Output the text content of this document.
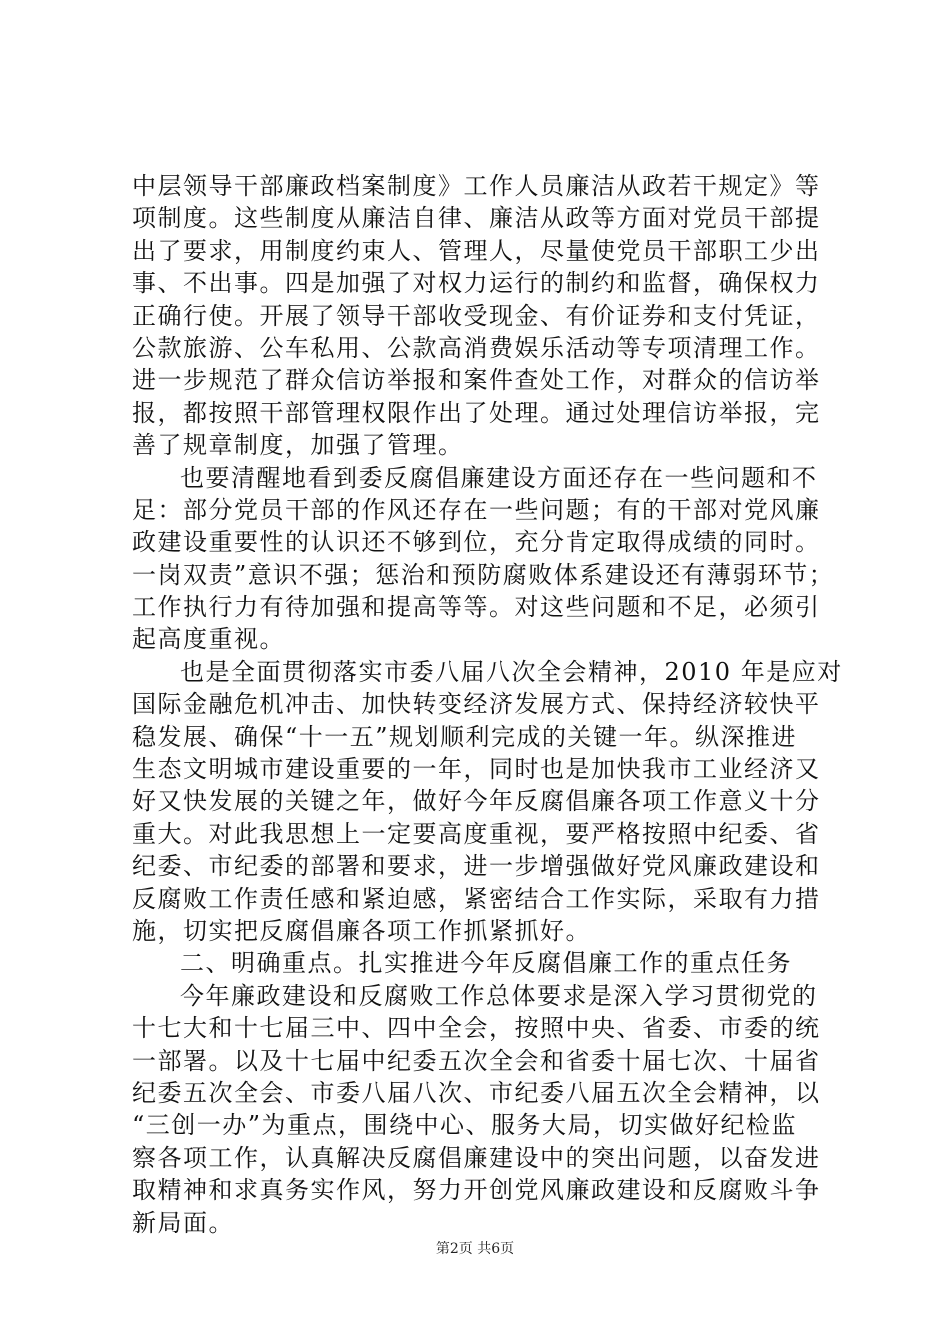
中层领导干部廉政档案制度》工作人员廉洁从政若干规定》等
项制度。这些制度从廉洁自律、廉洁从政等方面对党员干部提
出了要求，用制度约束人、管理人，尽量使党员干部职工少出
事、不出事。四是加强了对权力运行的制约和监督，确保权力
正确行使。开展了领导干部收受现金、有价证券和支付凭证，
公款旅游、公车私用、公款高消费娱乐活动等专项清理工作。
进一步规范了群众信访举报和案件查处工作，对群众的信访举
报，都按照干部管理权限作出了处理。通过处理信访举报，完
善了规章制度，加强了管理。
也要清醒地看到委反腐倡廉建设方面还存在一些问题和不
足：部分党员干部的作风还存在一些问题；有的干部对党风廉
政建设重要性的认识还不够到位，充分肯定取得成绩的同时。
一岗双责”意识不强；惩治和预防腐败体系建设还有薄弱环节；
工作执行力有待加强和提高等等。对这些问题和不足，必须引
起高度重视。
也是全面贯彻落实市委八届八次全会精神，2010 年是应对
国际金融危机冲击、加快转变经济发展方式、保持经济较快平
稳发展、确保“十一五”规划顺利完成的关键一年。纵深推进
生态文明城市建设重要的一年，同时也是加快我市工业经济又
好又快发展的关键之年，做好今年反腐倡廉各项工作意义十分
重大。对此我思想上一定要高度重视，要严格按照中纪委、省
纪委、市纪委的部署和要求，进一步增强做好党风廉政建设和
反腐败工作责任感和紧迫感，紧密结合工作实际，采取有力措
施，切实把反腐倡廉各项工作抓紧抓好。
二、明确重点。扎实推进今年反腐倡廉工作的重点任务
今年廉政建设和反腐败工作总体要求是深入学习贯彻党的
十七大和十七届三中、四中全会，按照中央、省委、市委的统
一部署。以及十七届中纪委五次全会和省委十届七次、十届省
纪委五次全会、市委八届八次、市纪委八届五次全会精神，以
“三创一办”为重点，围绕中心、服务大局，切实做好纪检监
察各项工作，认真解决反腐倡廉建设中的突出问题，以奋发进
取精神和求真务实作风，努力开创党风廉政建设和反腐败斗争
新局面。
第2页 共6页
